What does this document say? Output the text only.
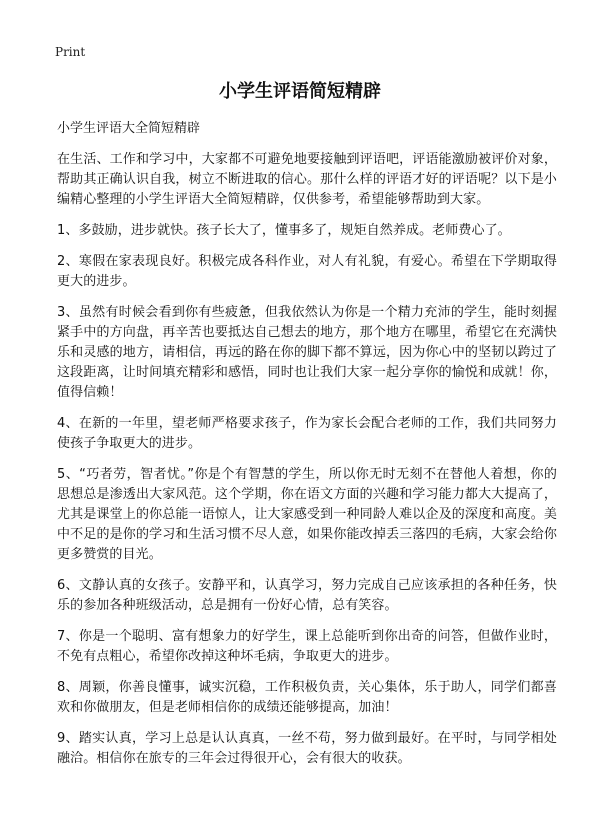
Print
小学生评语简短精辟

小学生评语大全简短精辟

在生活、工作和学习中，大家都不可避免地要接触到评语吧，评语能激励被评价对象，帮助其正确认识自我，树立不断进取的信心。那什么样的评语才好的评语呢？以下是小编精心整理的小学生评语大全简短精辟，仅供参考，希望能够帮助到大家。

1、多鼓励，进步就快。孩子长大了，懂事多了，规矩自然养成。老师费心了。

2、寒假在家表现良好。积极完成各科作业，对人有礼貌，有爱心。希望在下学期取得更大的进步。

3、虽然有时候会看到你有些疲惫，但我依然认为你是一个精力充沛的学生，能时刻握紧手中的方向盘，再辛苦也要抵达自己想去的地方，那个地方在哪里，希望它在充满快乐和灵感的地方，请相信，再远的路在你的脚下都不算远，因为你心中的坚韧以跨过了这段距离，让时间填充精彩和感悟，同时也让我们大家一起分享你的愉悦和成就！你，值得信赖！

4、在新的一年里，望老师严格要求孩子，作为家长会配合老师的工作，我们共同努力使孩子争取更大的进步。

5、“巧者劳，智者忧。”你是个有智慧的学生，所以你无时无刻不在替他人着想，你的思想总是渗透出大家风范。这个学期，你在语文方面的兴趣和学习能力都大大提高了，尤其是课堂上的你总能一语惊人，让大家感受到一种同龄人难以企及的深度和高度。美中不足的是你的学习和生活习惯不尽人意，如果你能改掉丢三落四的毛病，大家会给你更多赞赏的目光。

6、文静认真的女孩子。安静平和，认真学习，努力完成自己应该承担的各种任务，快乐的参加各种班级活动，总是拥有一份好心情，总有笑容。

7、你是一个聪明、富有想象力的好学生，课上总能听到你出奇的问答，但做作业时，不免有点粗心，希望你改掉这种坏毛病，争取更大的进步。

8、周颖，你善良懂事，诚实沉稳，工作积极负责，关心集体，乐于助人，同学们都喜欢和你做朋友，但是老师相信你的成绩还能够提高，加油！

9、踏实认真，学习上总是认认真真，一丝不苟，努力做到最好。在平时，与同学相处融洽。相信你在旅专的三年会过得很开心，会有很大的收获。
